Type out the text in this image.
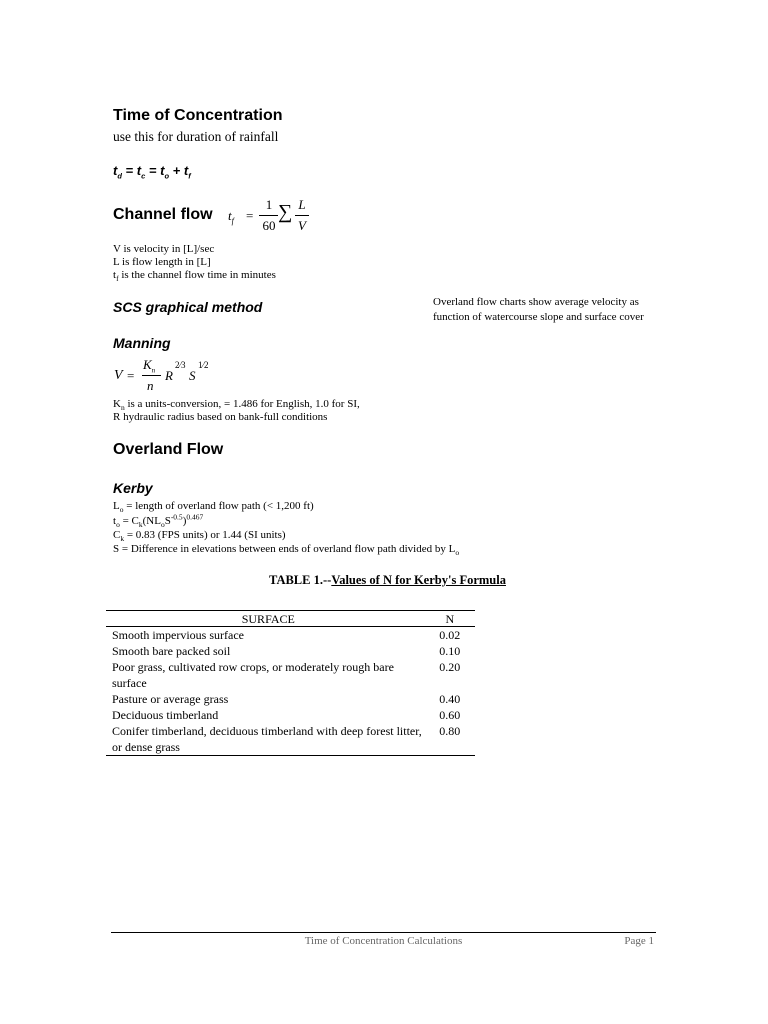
Time of Concentration
use this for duration of rainfall
$t_d = t_c = t_o + t_f$
Channel flow $t_f$ =
1
60
∑ L
V
V is velocity in [L]/sec
L is flow length in [L]
$t_f$ is the channel flow time in minutes
SCS graphical method	Overland flow charts show average velocity as
function of watercourse slope and surface cover
Manning
V =
$K_n$
n
R
2⁄3
S
1⁄2
$K_n$ is a units-conversion, = 1.486 for English, 1.0 for SI,
R hydraulic radius based on bank-full conditions
Overland Flow
Kerby
$L_o$ = length of overland flow path (< 1,200 ft)
$t_o = C_k(NL_oS^{-0.5})^{0.467}$
$C_k = 0.83$ (FPS units) or 1.44 (SI units)
S = Difference in elevations between ends of overland flow path divided by $L_o$
TABLE 1.--Values of N for Kerby's Formula
SURFACE	N
Smooth impervious surface	0.02
Smooth bare packed soil	0.10
Poor grass, cultivated row crops, or moderately rough bare surface	0.20
Pasture or average grass	0.40
Deciduous timberland	0.60
Conifer timberland, deciduous timberland with deep forest litter, or dense grass	0.80
Time of Concentration Calculations	Page 1
